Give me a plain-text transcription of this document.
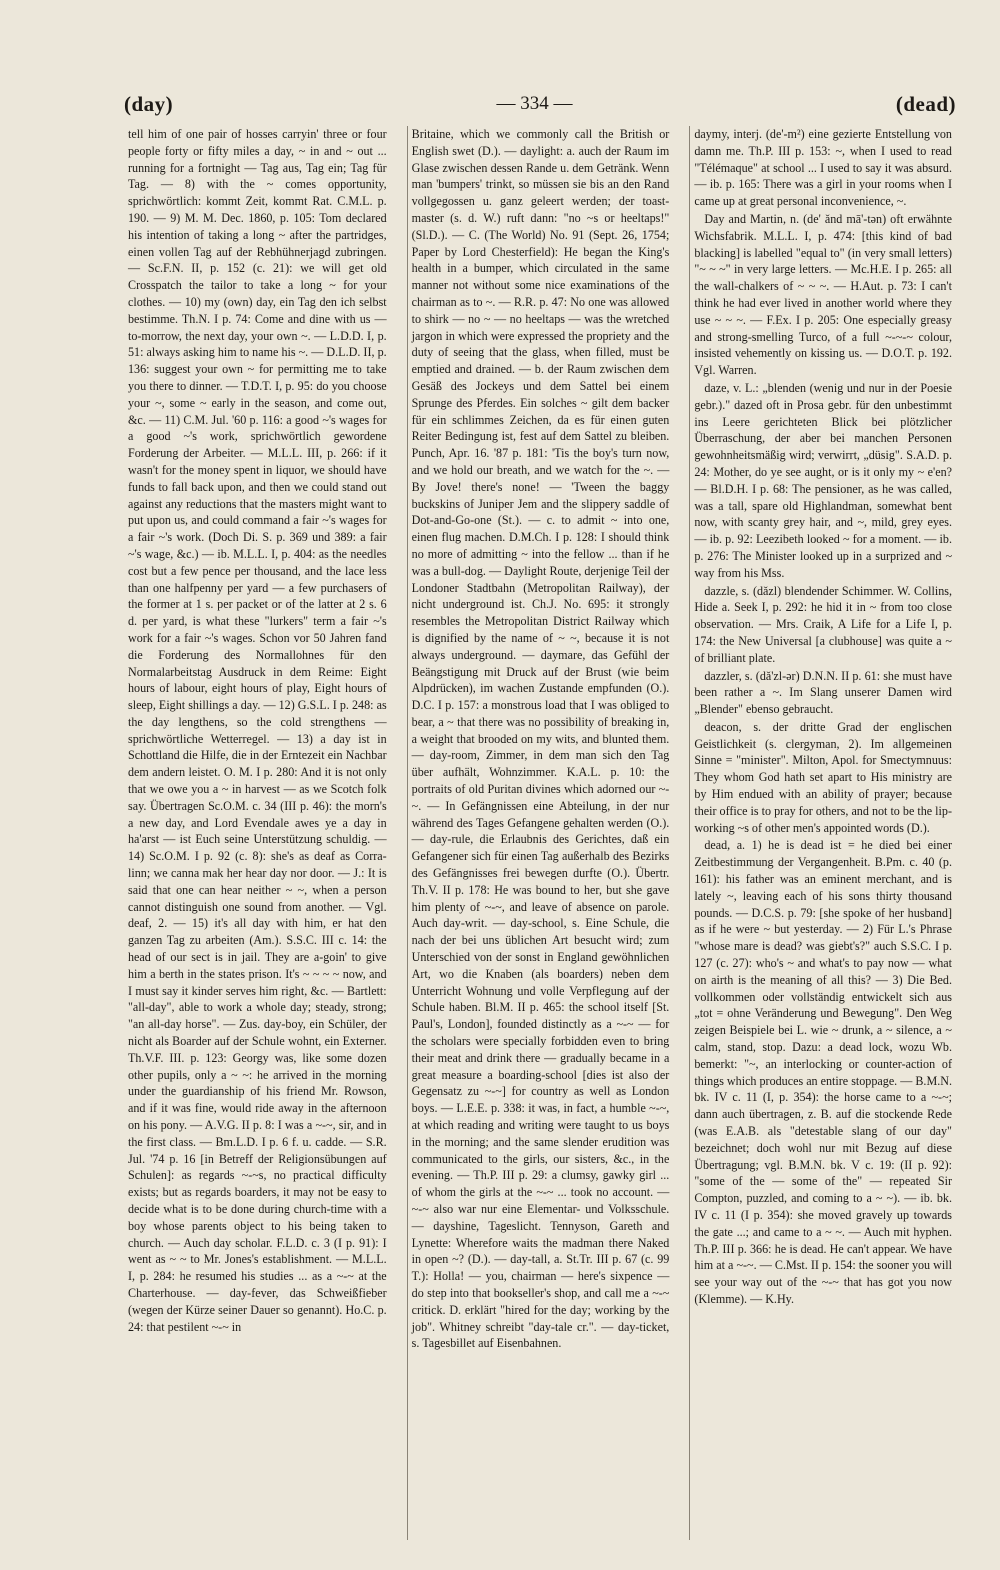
(day)	— 334 —	(dead)

tell him of one pair of hosses carryin' three or four people forty or fifty miles a day, ~ in and ~ out ... running for a fortnight — Tag aus, Tag ein; Tag für Tag. — 8) with the ~ comes opportunity, sprichwörtlich: kommt Zeit, kommt Rat. C.M.L. p. 190. — 9) M. M. Dec. 1860, p. 105: Tom declared his intention of taking a long ~ after the partridges, einen vollen Tag auf der Rebhühnerjagd zubringen. — Sc.F.N. II, p. 152 (c. 21): we will get old Crosspatch the tailor to take a long ~ for your clothes. — 10) my (own) day, ein Tag den ich selbst bestimme. Th.N. I p. 74: Come and dine with us — to-morrow, the next day, your own ~. — L.D.D. I, p. 51: always asking him to name his ~. — D.L.D. II, p. 136: suggest your own ~ for permitting me to take you there to dinner. — T.D.T. I, p. 95: do you choose your ~, some ~ early in the season, and come out, &c. — 11) C.M. Jul. '60 p. 116: a good ~'s wages for a good ~'s work, sprichwörtlich gewordene Forderung der Arbeiter. — M.L.L. III, p. 266: if it wasn't for the money spent in liquor, we should have funds to fall back upon, and then we could stand out against any reductions that the masters might want to put upon us, and could command a fair ~'s wages for a fair ~'s work. (Doch Di. S. p. 369 und 389: a fair ~'s wage, &c.) — ib. M.L.L. I, p. 404: as the needles cost but a few pence per thousand, and the lace less than one halfpenny per yard — a few purchasers of the former at 1 s. per packet or of the latter at 2 s. 6 d. per yard, is what these "lurkers" term a fair ~'s work for a fair ~'s wages. Schon vor 50 Jahren fand die Forderung des Normallohnes für den Normalarbeitstag Ausdruck in dem Reime: Eight hours of labour, eight hours of play, Eight hours of sleep, Eight shillings a day. — 12) G.S.L. I p. 248: as the day lengthens, so the cold strengthens — sprichwörtliche Wetterregel. — 13) a day ist in Schottland die Hilfe, die in der Erntezeit ein Nachbar dem andern leistet. O. M. I p. 280: And it is not only that we owe you a ~ in harvest — as we Scotch folk say. Übertragen Sc.O.M. c. 34 (III p. 46): the morn's a new day, and Lord Evendale awes ye a day in ha'arst — ist Euch seine Unterstützung schuldig. — 14) Sc.O.M. I p. 92 (c. 8): she's as deaf as Corra-linn; we canna mak her hear day nor door. — J.: It is said that one can hear neither ~ ~, when a person cannot distinguish one sound from another. — Vgl. deaf, 2. — 15) it's all day with him, er hat den ganzen Tag zu arbeiten (Am.). S.S.C. III c. 14: the head of our sect is in jail. They are a-goin' to give him a berth in the states prison. It's ~ ~ ~ ~ now, and I must say it kinder serves him right, &c. — Bartlett: "all-day", able to work a whole day; steady, strong; "an all-day horse". — Zus. day-boy, ein Schüler, der nicht als Boarder auf der Schule wohnt, ein Externer. Th.V.F. III. p. 123: Georgy was, like some dozen other pupils, only a ~ ~: he arrived in the morning under the guardianship of his friend Mr. Rowson, and if it was fine, would ride away in the afternoon on his pony. — A.V.G. II p. 8: I was a ~-~, sir, and in the first class. — Bm.L.D. I p. 6 f. u. cadde. — S.R. Jul. '74 p. 16 [in Betreff der Religionsübungen auf Schulen]: as regards ~-~s, no practical difficulty exists; but as regards boarders, it may not be easy to decide what is to be done during church-time with a boy whose parents object to his being taken to church. — Auch day scholar. F.L.D. c. 3 (I p. 91): I went as ~ ~ to Mr. Jones's establishment. — M.L.L. I, p. 284: he resumed his studies ... as a ~-~ at the Charterhouse. — day-fever, das Schweißfieber (wegen der Kürze seiner Dauer so genannt). Ho.C. p. 24: that pestilent ~-~ in

Britaine, which we commonly call the British or English swet (D.). — daylight: a. auch der Raum im Glase zwischen dessen Rande u. dem Getränk. Wenn man 'bumpers' trinkt, so müssen sie bis an den Rand vollgegossen u. ganz geleert werden; der toast-master (s. d. W.) ruft dann: "no ~s or heeltaps!" (Sl.D.). — C. (The World) No. 91 (Sept. 26, 1754; Paper by Lord Chesterfield): He began the King's health in a bumper, which circulated in the same manner not without some nice examinations of the chairman as to ~. — R.R. p. 47: No one was allowed to shirk — no ~ — no heeltaps — was the wretched jargon in which were expressed the propriety and the duty of seeing that the glass, when filled, must be emptied and drained. — b. der Raum zwischen dem Gesäß des Jockeys und dem Sattel bei einem Sprunge des Pferdes. Ein solches ~ gilt dem backer für ein schlimmes Zeichen, da es für einen guten Reiter Bedingung ist, fest auf dem Sattel zu bleiben. Punch, Apr. 16. '87 p. 181: 'Tis the boy's turn now, and we hold our breath, and we watch for the ~. — By Jove! there's none! — 'Tween the baggy buckskins of Juniper Jem and the slippery saddle of Dot-and-Go-one (St.). — c. to admit ~ into one, einen flug machen. D.M.Ch. I p. 128: I should think no more of admitting ~ into the fellow ... than if he was a bull-dog. — Daylight Route, derjenige Teil der Londoner Stadtbahn (Metropolitan Railway), der nicht underground ist. Ch.J. No. 695: it strongly resembles the Metropolitan District Railway which is dignified by the name of ~ ~, because it is not always underground. — daymare, das Gefühl der Beängstigung mit Druck auf der Brust (wie beim Alpdrücken), im wachen Zustande empfunden (O.). D.C. I p. 157: a monstrous load that I was obliged to bear, a ~ that there was no possibility of breaking in, a weight that brooded on my wits, and blunted them. — day-room, Zimmer, in dem man sich den Tag über aufhält, Wohnzimmer. K.A.L. p. 10: the portraits of old Puritan divines which adorned our ~-~. — In Gefängnissen eine Abteilung, in der nur während des Tages Gefangene gehalten werden (O.). — day-rule, die Erlaubnis des Gerichtes, daß ein Gefangener sich für einen Tag außerhalb des Bezirks des Gefängnisses frei bewegen durfte (O.). Übertr. Th.V. II p. 178: He was bound to her, but she gave him plenty of ~-~, and leave of absence on parole. Auch day-writ. — day-school, s. Eine Schule, die nach der bei uns üblichen Art besucht wird; zum Unterschied von der sonst in England gewöhnlichen Art, wo die Knaben (als boarders) neben dem Unterricht Wohnung und volle Verpflegung auf der Schule haben. Bl.M. II p. 465: the school itself [St. Paul's, London], founded distinctly as a ~-~ — for the scholars were specially forbidden even to bring their meat and drink there — gradually became in a great measure a boarding-school [dies ist also der Gegensatz zu ~-~] for country as well as London boys. — L.E.E. p. 338: it was, in fact, a humble ~-~, at which reading and writing were taught to us boys in the morning; and the same slender erudition was communicated to the girls, our sisters, &c., in the evening. — Th.P. III p. 29: a clumsy, gawky girl ... of whom the girls at the ~-~ ... took no account. — ~-~ also war nur eine Elementar- und Volksschule. — dayshine, Tageslicht. Tennyson, Gareth and Lynette: Wherefore waits the madman there Naked in open ~? (D.). — day-tall, a. St.Tr. III p. 67 (c. 99 T.): Holla! — you, chairman — here's sixpence — do step into that bookseller's shop, and call me a ~-~ critick. D. erklärt "hired for the day; working by the job". Whitney schreibt "day-tale cr.". — day-ticket, s. Tagesbillet auf Eisenbahnen.

daymy, interj. (de'-m²) eine gezierte Entstellung von damn me. Th.P. III p. 153: ~, when I used to read "Télémaque" at school ... I used to say it was absurd. — ib. p. 165: There was a girl in your rooms when I came up at great personal inconvenience, ~.

Day and Martin, n. (de' ǎnd mā'-tǝn) oft erwähnte Wichsfabrik. M.L.L. I, p. 474: [this kind of bad blacking] is labelled "equal to" (in very small letters) "~ ~ ~" in very large letters. — Mc.H.E. I p. 265: all the wall-chalkers of ~ ~ ~. — H.Aut. p. 73: I can't think he had ever lived in another world where they use ~ ~ ~. — F.Ex. I p. 205: One especially greasy and strong-smelling Turco, of a full ~-~-~ colour, insisted vehemently on kissing us. — D.O.T. p. 192. Vgl. Warren.

daze, v. L.: „blenden (wenig und nur in der Poesie gebr.)." dazed oft in Prosa gebr. für den unbestimmt ins Leere gerichteten Blick bei plötzlicher Überraschung, der aber bei manchen Personen gewohnheitsmäßig wird; verwirrt, „düsig". S.A.D. p. 24: Mother, do ye see aught, or is it only my ~ e'en? — Bl.D.H. I p. 68: The pensioner, as he was called, was a tall, spare old Highlandman, somewhat bent now, with scanty grey hair, and ~, mild, grey eyes. — ib. p. 92: Leezibeth looked ~ for a moment. — ib. p. 276: The Minister looked up in a surprized and ~ way from his Mss.

dazzle, s. (dǎzl) blendender Schimmer. W. Collins, Hide a. Seek I, p. 292: he hid it in ~ from too close observation. — Mrs. Craik, A Life for a Life I, p. 174: the New Universal [a clubhouse] was quite a ~ of brilliant plate.

dazzler, s. (dǎ'zl-ǝr) D.N.N. II p. 61: she must have been rather a ~. Im Slang unserer Damen wird „Blender" ebenso gebraucht.

deacon, s. der dritte Grad der englischen Geistlichkeit (s. clergyman, 2). Im allgemeinen Sinne = "minister". Milton, Apol. for Smectymnuus: They whom God hath set apart to His ministry are by Him endued with an ability of prayer; because their office is to pray for others, and not to be the lip-working ~s of other men's appointed words (D.).

dead, a. 1) he is dead ist = he died bei einer Zeitbestimmung der Vergangenheit. B.Pm. c. 40 (p. 161): his father was an eminent merchant, and is lately ~, leaving each of his sons thirty thousand pounds. — D.C.S. p. 79: [she spoke of her husband] as if he were ~ but yesterday. — 2) Für L.'s Phrase "whose mare is dead? was giebt's?" auch S.S.C. I p. 127 (c. 27): who's ~ and what's to pay now — what on airth is the meaning of all this? — 3) Die Bed. vollkommen oder vollständig entwickelt sich aus „tot = ohne Veränderung und Bewegung". Den Weg zeigen Beispiele bei L. wie ~ drunk, a ~ silence, a ~ calm, stand, stop. Dazu: a dead lock, wozu Wb. bemerkt: "~, an interlocking or counter-action of things which produces an entire stoppage. — B.M.N. bk. IV c. 11 (I, p. 354): the horse came to a ~-~; dann auch übertragen, z. B. auf die stockende Rede (was E.A.B. als "detestable slang of our day" bezeichnet; doch wohl nur mit Bezug auf diese Übertragung; vgl. B.M.N. bk. V c. 19: (II p. 92): "some of the — some of the" — repeated Sir Compton, puzzled, and coming to a ~ ~). — ib. bk. IV c. 11 (I p. 354): she moved gravely up towards the gate ...; and came to a ~ ~. — Auch mit hyphen. Th.P. III p. 366: he is dead. He can't appear. We have him at a ~-~. — C.Mst. II p. 154: the sooner you will see your way out of the ~-~ that has got you now (Klemme). — K.Hy.
